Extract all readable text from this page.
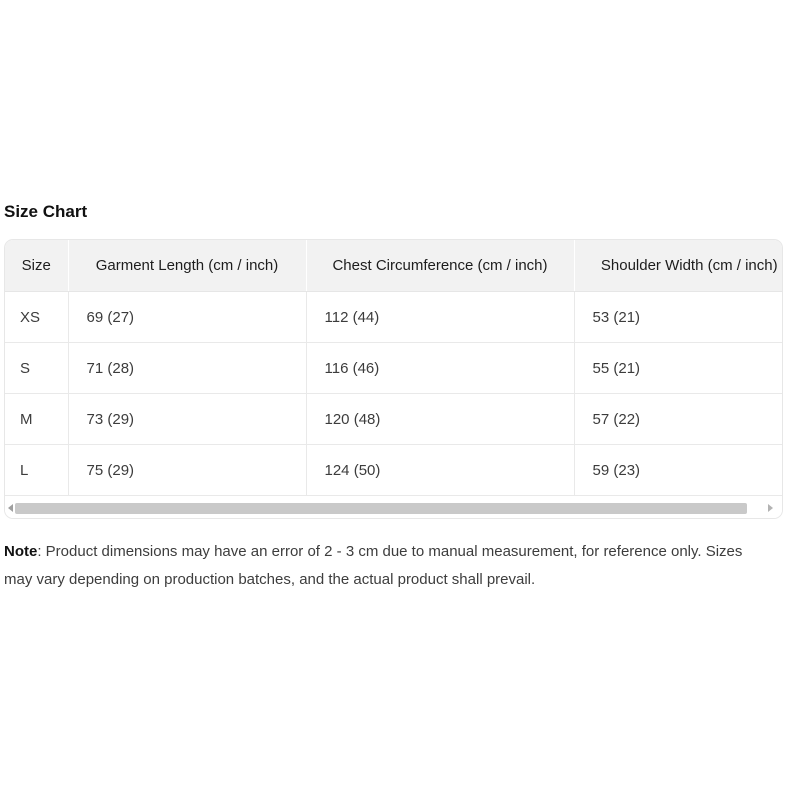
Size Chart
Size	Garment Length (cm / inch)	Chest Circumference (cm / inch)	Shoulder Width (cm / inch)
XS	69 (27)	112 (44)	53 (21)
S	71 (28)	116 (46)	55 (21)
M	73 (29)	120 (48)	57 (22)
L	75 (29)	124 (50)	59 (23)

Note: Product dimensions may have an error of 2 - 3 cm due to manual measurement, for reference only. Sizes
may vary depending on production batches, and the actual product shall prevail.
